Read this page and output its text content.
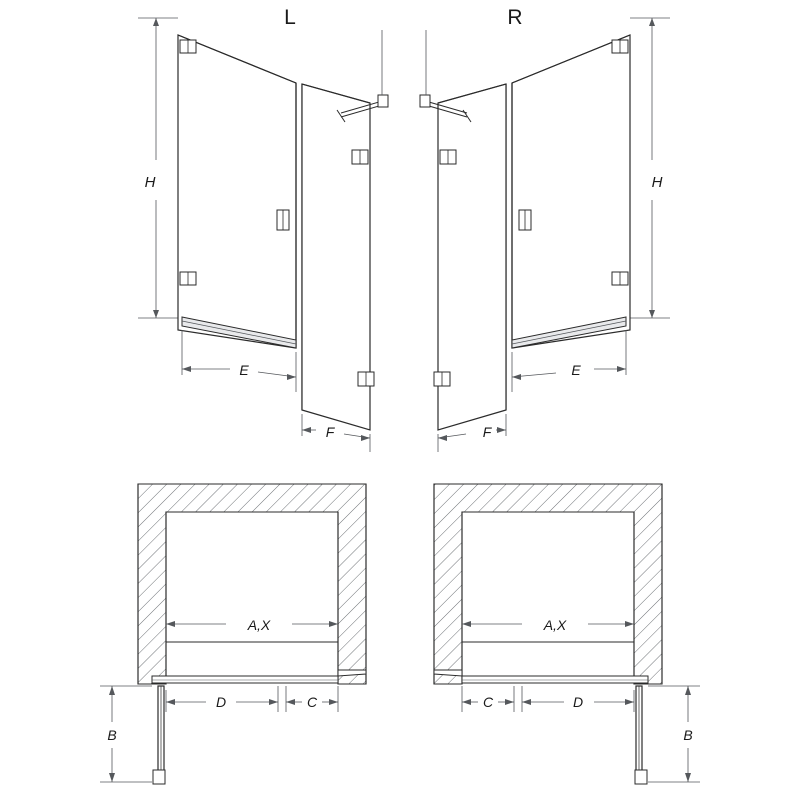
L
H
E
F
R
H
E
F
A,X
D	C
B
A,X
D
C
B
